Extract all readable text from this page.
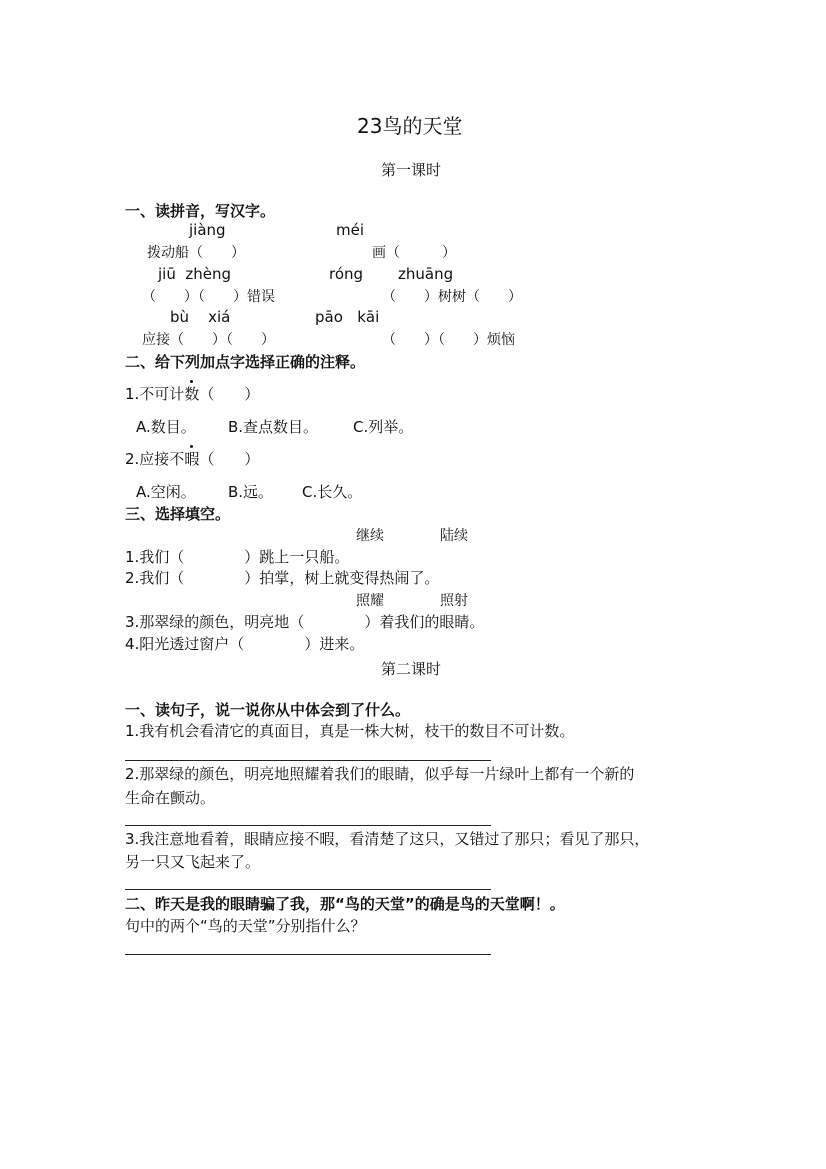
23鸟的天堂
第一课时
一、读拼音，写汉字。
jiàng	méi
拨动船（　　）	画（　　　）
jiū  zhèng	róng zhuāng
（　　）（　　）错误	（　　）树树（　　）
bù    xiá	pāo   kāi
应接（　　）（　　）	（　　）（　　）烦恼
二、给下列加点字选择正确的注释。
1.不可计数（　　）
A.数目。 B.查点数目。 C.列举。
2.应接不暇（　　）
A.空闲。 B.远。 C.长久。
三、选择填空。
继续	陆续
1.我们（　　　　）跳上一只船。
2.我们（　　　　）拍掌，树上就变得热闹了。
照耀	照射
3.那翠绿的颜色，明亮地（　　　　）着我们的眼睛。
4.阳光透过窗户（　　　　）进来。
第二课时
一、读句子，说一说你从中体会到了什么。
1.我有机会看清它的真面目，真是一株大树，枝干的数目不可计数。
2.那翠绿的颜色，明亮地照耀着我们的眼睛，似乎每一片绿叶上都有一个新的
生命在颤动。
3.我注意地看着，眼睛应接不暇，看清楚了这只，又错过了那只；看见了那只，
另一只又飞起来了。
二、昨天是我的眼睛骗了我，那“鸟的天堂”的确是鸟的天堂啊！。
句中的两个“鸟的天堂”分别指什么？
